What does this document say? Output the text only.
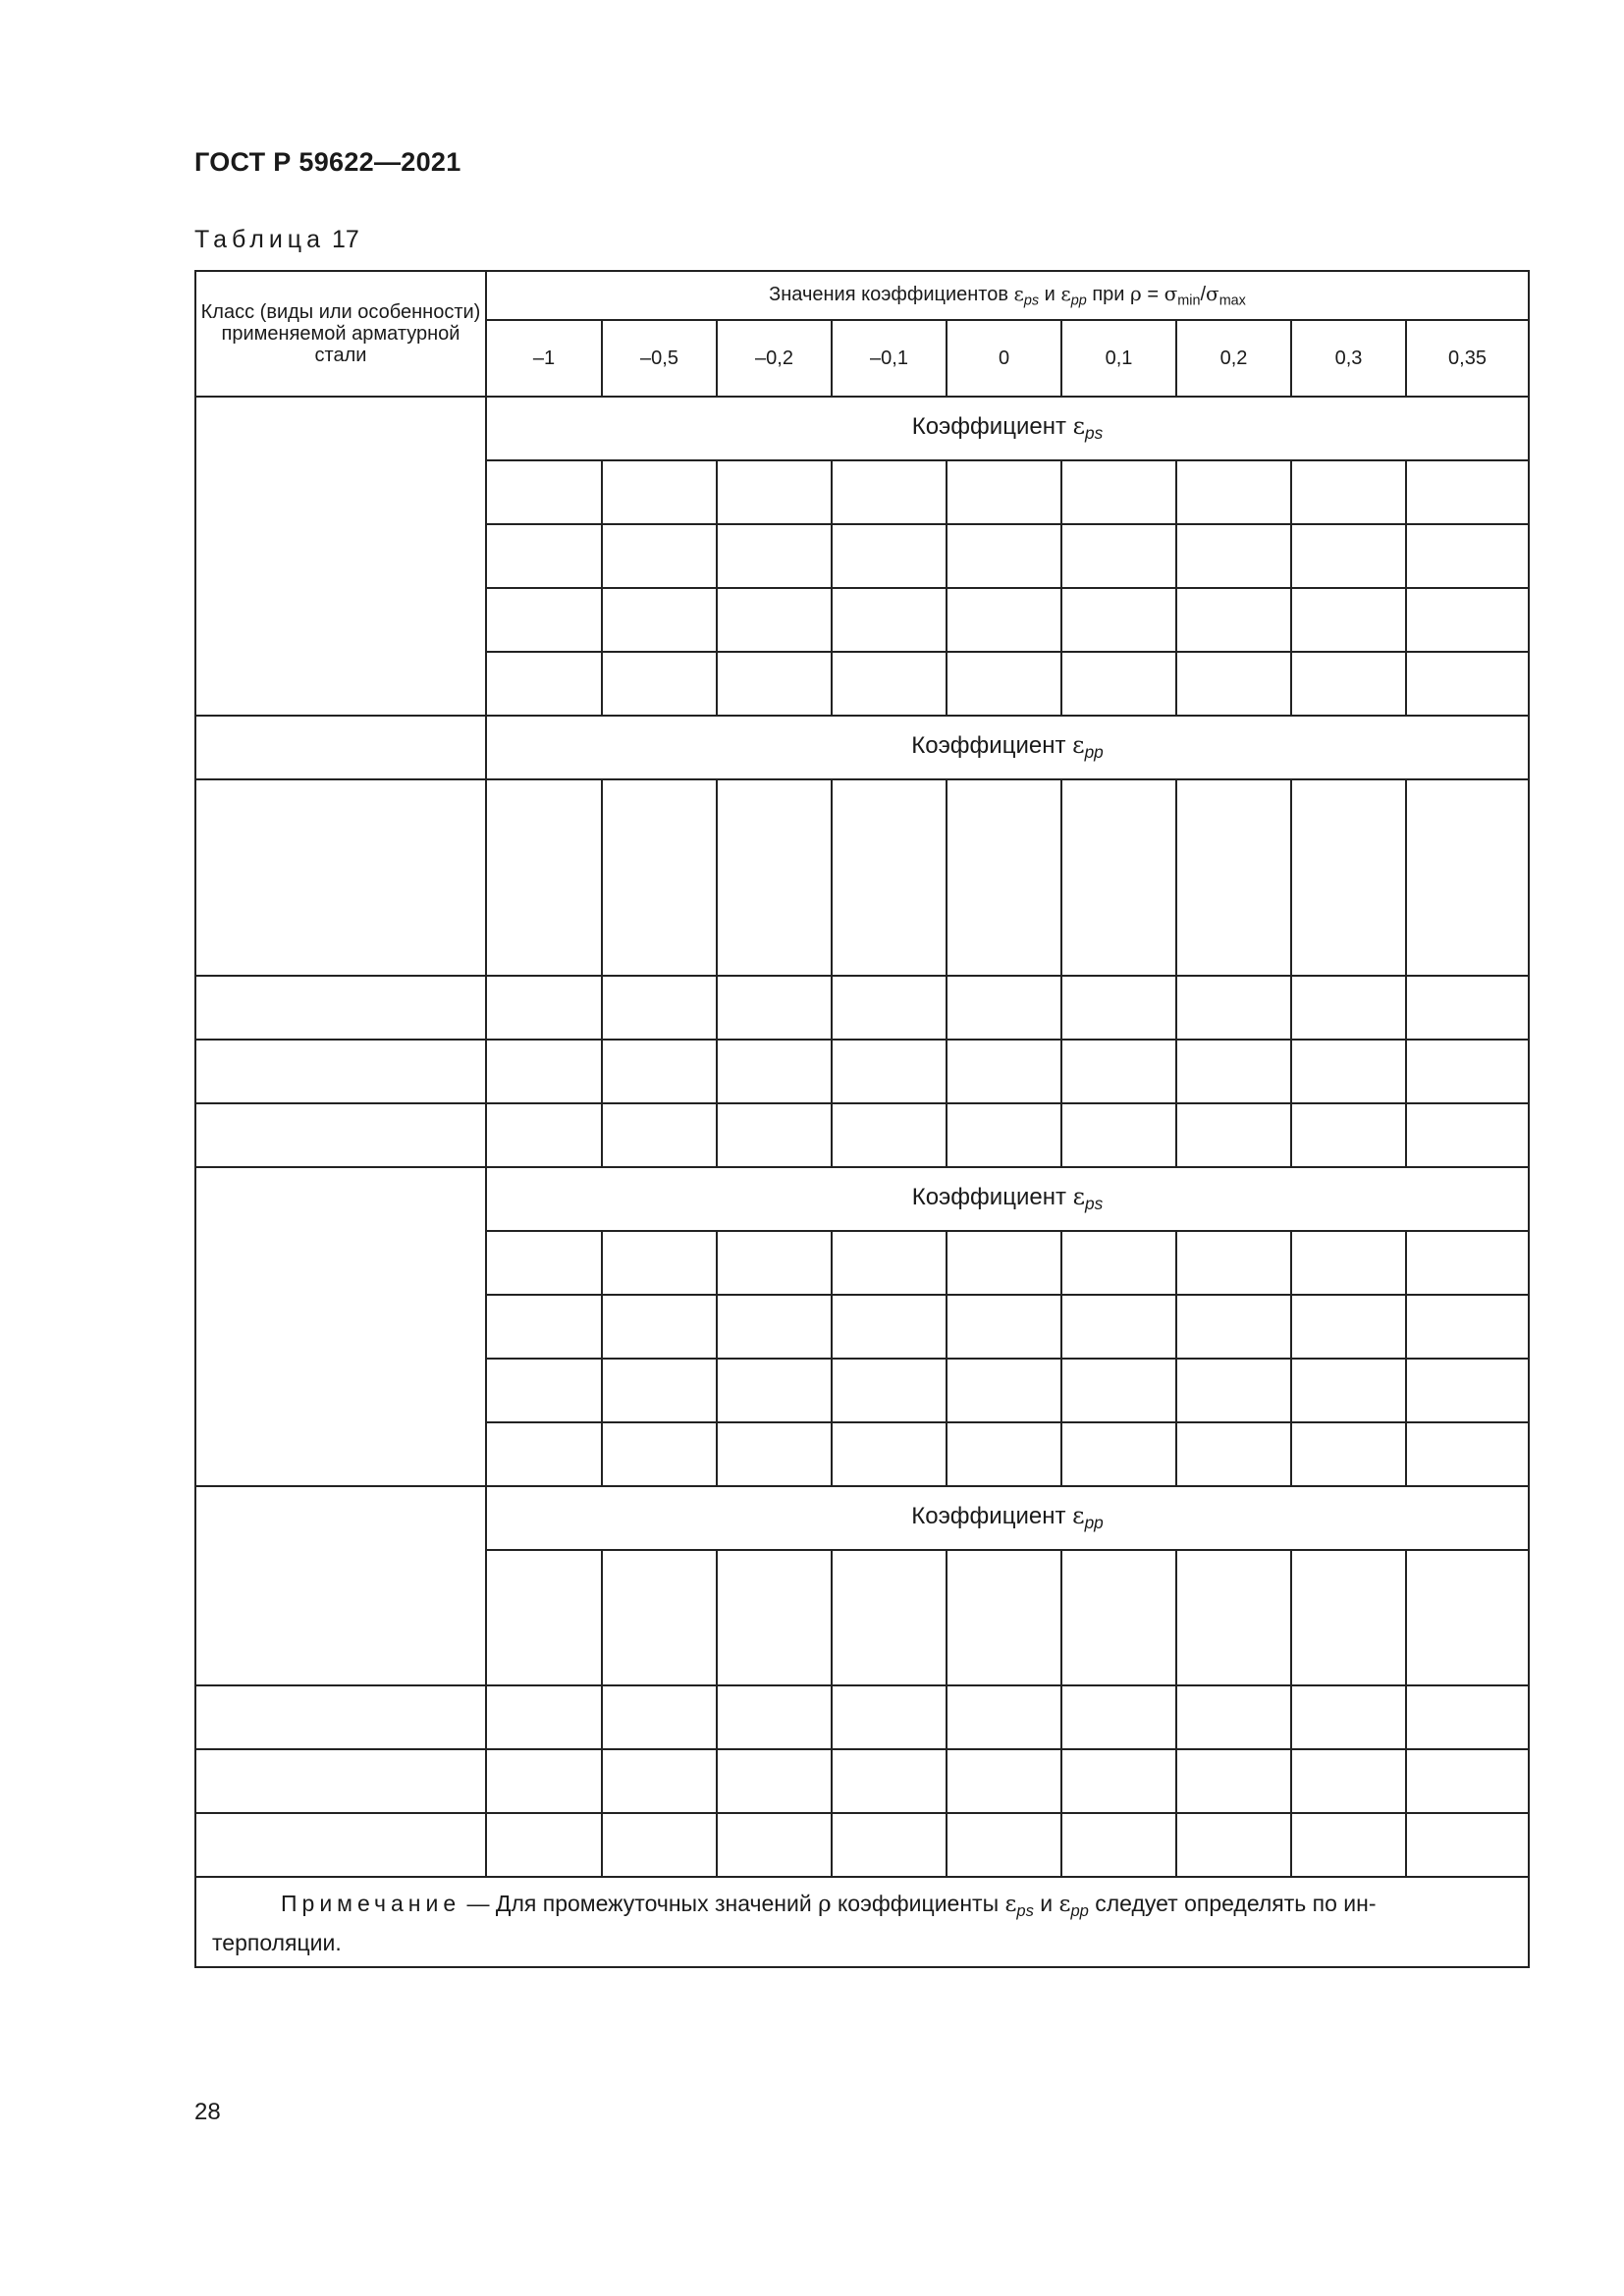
ГОСТ Р 59622—2021
Таблица 17
Класс (виды или особенности) применяемой арматурной стали	Значения коэффициентов $\varepsilon_{ps}$ и $\varepsilon_{pp}$ при $\rho = \sigma_{min}/\sigma_{max}$
	–1	–0,5	–0,2	–0,1	0	0,1	0,2	0,3	0,35

	Коэффициент $\varepsilon_{ps}$

	Коэффициент $\varepsilon_{pp}$

	Коэффициент $\varepsilon_{ps}$

	Коэффициент $\varepsilon_{pp}$

Примечание — Для промежуточных значений ρ коэффициенты $\varepsilon_{ps}$ и $\varepsilon_{pp}$ следует определять по ин-
терполяции.									
28
